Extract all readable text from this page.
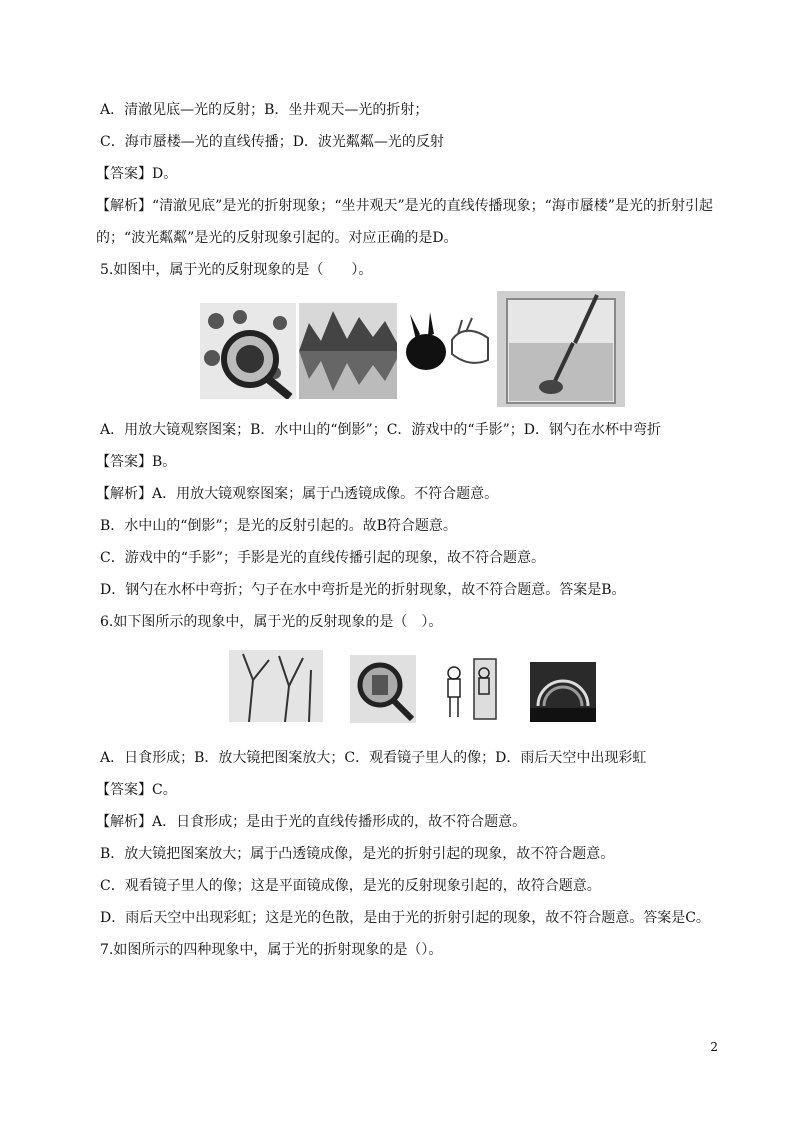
A．清澈见底—光的反射；B．坐井观天—光的折射；
C．海市蜃楼—光的直线传播；D．波光粼粼—光的反射
【答案】D。
【解析】“清澈见底”是光的折射现象；“坐井观天”是光的直线传播现象；“海市蜃楼”是光的折射引起的；“波光粼粼”是光的反射现象引起的。对应正确的是D。
5.如图中，属于光的反射现象的是（　　）。
A．用放大镜观察图案；B．水中山的“倒影”；C．游戏中的“手影”；D．钢勺在水杯中弯折
【答案】B。
【解析】A．用放大镜观察图案；属于凸透镜成像。不符合题意。
B．水中山的“倒影”；是光的反射引起的。故B符合题意。
C．游戏中的“手影”；手影是光的直线传播引起的现象，故不符合题意。
D．钢勺在水杯中弯折；勺子在水中弯折是光的折射现象，故不符合题意。答案是B。
6.如下图所示的现象中，属于光的反射现象的是（　）。
A．日食形成；B．放大镜把图案放大；C．观看镜子里人的像；D．雨后天空中出现彩虹
【答案】C。
【解析】A．日食形成；是由于光的直线传播形成的，故不符合题意。
B．放大镜把图案放大；属于凸透镜成像，是光的折射引起的现象，故不符合题意。
C．观看镜子里人的像；这是平面镜成像，是光的反射现象引起的，故符合题意。
D．雨后天空中出现彩虹；这是光的色散，是由于光的折射引起的现象，故不符合题意。答案是C。
7.如图所示的四种现象中，属于光的折射现象的是（）。
2
